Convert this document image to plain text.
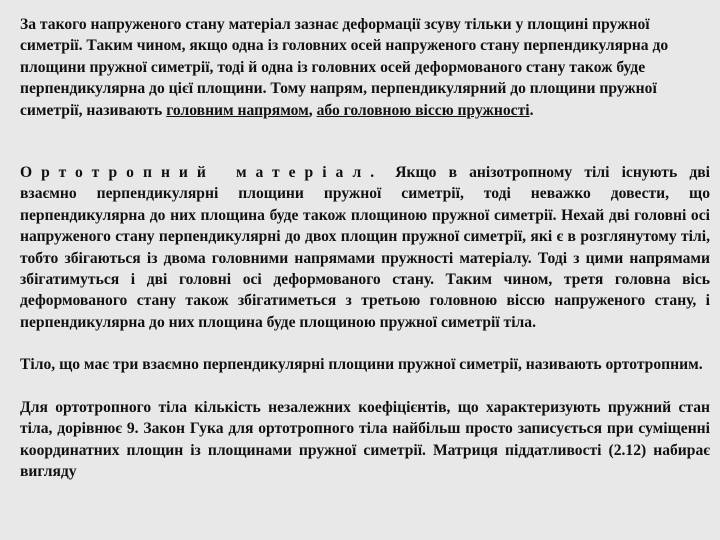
За такого напруженого стану матеріал зазнає деформації зсуву тільки у площині пружної симетрії. Таким чином, якщо одна із головних осей напруженого стану перпендикулярна до площини пружної симетрії, тоді й одна із головних осей деформованого стану також буде перпендикулярна до цієї площини. Тому напрям, перпендикулярний до площини пружної симетрії, називають головним напрямом, або головною віссю пружності.

Ортотропний матеріал. Якщо в анізотропному тілі існують дві взаємно перпендикулярні площини пружної симетрії, тоді неважко довести, що перпендикулярна до них площина буде також площиною пружної симетрії. Нехай дві головні осі напруженого стану перпендикулярні до двох площин пружної симетрії, які є в розглянутому тілі, тобто збігаються із двома головними напрямами пружності матеріалу. Тоді з цими напрямами збігатимуться і дві головні осі деформованого стану. Таким чином, третя головна вісь деформованого стану також збігатиметься з третьою головною віссю напруженого стану, і перпендикулярна до них площина буде площиною пружної симетрії тіла.

Тіло, що має три взаємно перпендикулярні площини пружної симетрії, називають ортотропним.

Для ортотропного тіла кількість незалежних коефіцієнтів, що характеризують пружний стан тіла, дорівнює 9. Закон Гука для ортотропного тіла найбільш просто записується при суміщенні координатних площин із площинами пружної симетрії. Матриця піддатливості (2.12) набирає вигляду
